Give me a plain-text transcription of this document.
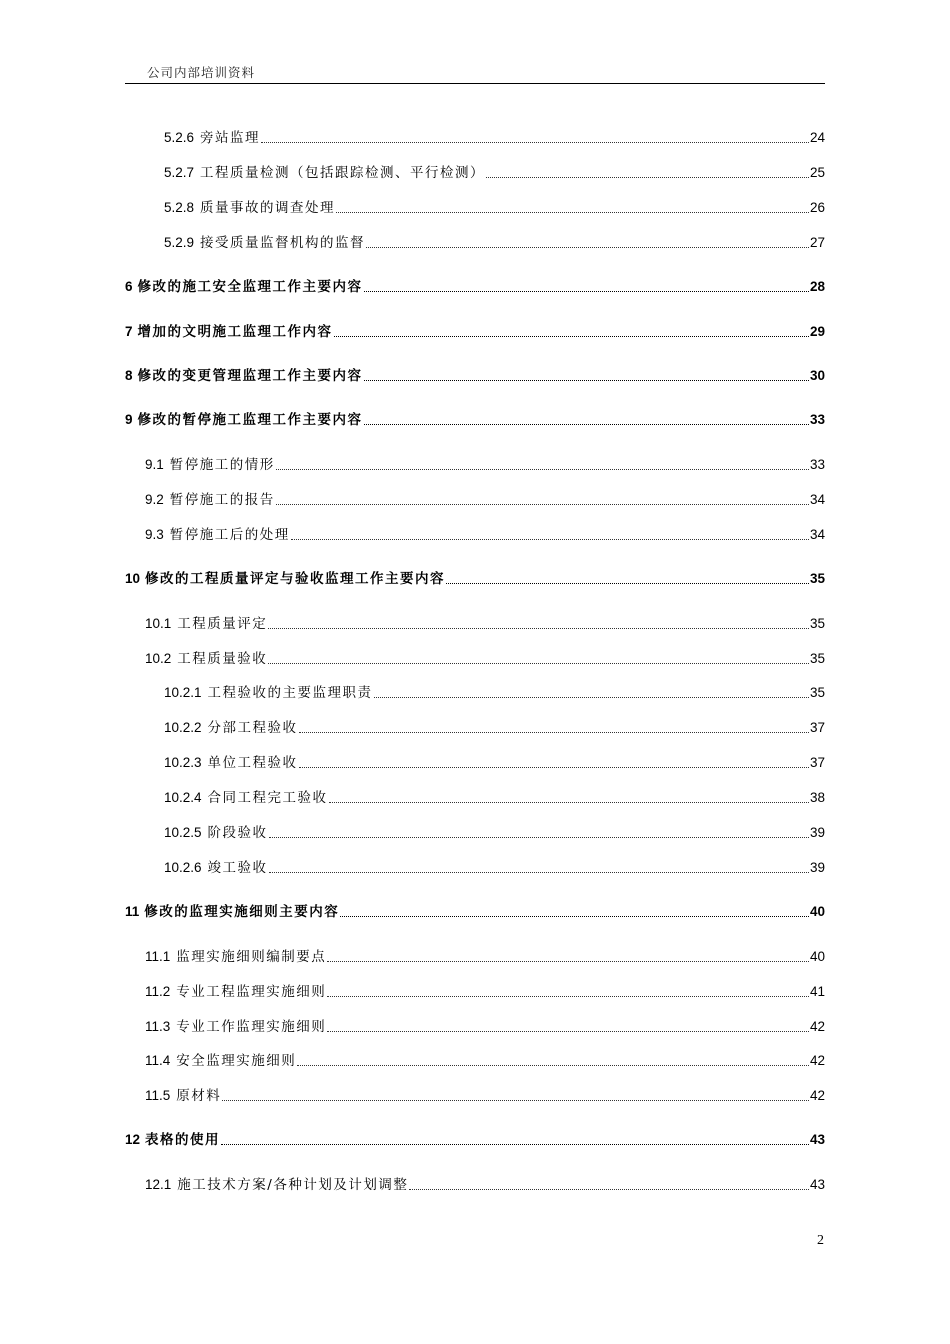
公司内部培训资料
5.2.6 旁站监理	24
5.2.7 工程质量检测（包括跟踪检测、平行检测）	25
5.2.8 质量事故的调查处理	26
5.2.9 接受质量监督机构的监督	27
6 修改的施工安全监理工作主要内容	28
7 增加的文明施工监理工作内容	29
8 修改的变更管理监理工作主要内容	30
9 修改的暂停施工监理工作主要内容	33
9.1 暂停施工的情形	33
9.2 暂停施工的报告	34
9.3 暂停施工后的处理	34
10 修改的工程质量评定与验收监理工作主要内容	35
10.1 工程质量评定	35
10.2 工程质量验收	35
10.2.1 工程验收的主要监理职责	35
10.2.2 分部工程验收	37
10.2.3 单位工程验收	37
10.2.4 合同工程完工验收	38
10.2.5 阶段验收	39
10.2.6 竣工验收	39
11 修改的监理实施细则主要内容	40
11.1 监理实施细则编制要点	40
11.2 专业工程监理实施细则	41
11.3 专业工作监理实施细则	42
11.4 安全监理实施细则	42
11.5 原材料	42
12 表格的使用	43
12.1 施工技术方案/各种计划及计划调整	43
2
